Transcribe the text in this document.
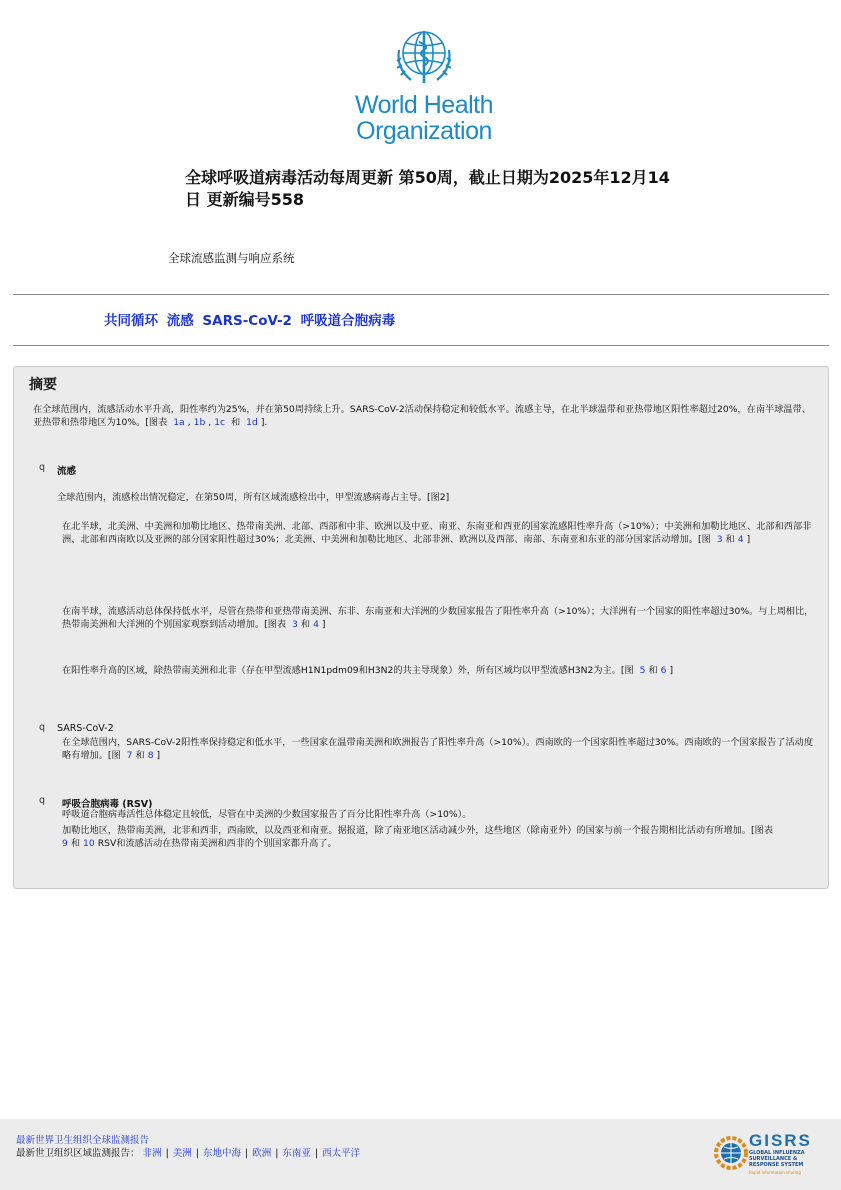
World Health
Organization
全球呼吸道病毒活动每周更新 第50周，截止日期为2025年12月14日 更新编号558
全球流感监测与响应系统
共同循环 流感 SARS-CoV-2 呼吸道合胞病毒
摘要
在全球范围内，流感活动水平升高，阳性率约为25%，并在第50周持续上升。SARS-CoV-2活动保持稳定和较低水平。流感主导，在北半球温带和亚热带地区阳性率超过20%，在南半球温带、亚热带和热带地区为10%。[图表 1a , 1b , 1c 和 1d ].
q 流感
全球范围内，流感检出情况稳定，在第50周，所有区域流感检出中，甲型流感病毒占主导。[图2]
在北半球，北美洲、中美洲和加勒比地区、热带南美洲、北部、西部和中非、欧洲以及中亚、南亚、东南亚和西亚的国家流感阳性率升高（>10%）；中美洲和加勒比地区、北部和西部非洲、北部和西南欧以及亚洲的部分国家阳性超过30%；北美洲、中美洲和加勒比地区、北部非洲、欧洲以及西部、南部、东南亚和东亚的部分国家活动增加。[图 3 和 4 ]
在南半球，流感活动总体保持低水平，尽管在热带和亚热带南美洲、东非、东南亚和大洋洲的少数国家报告了阳性率升高（>10%）；大洋洲有一个国家的阳性率超过30%。与上周相比，热带南美洲和大洋洲的个别国家观察到活动增加。[图表 3 和 4 ]
在阳性率升高的区域，除热带南美洲和北非（存在甲型流感H1N1pdm09和H3N2的共主导现象）外，所有区域均以甲型流感H3N2为主。[图 5 和 6 ]
q SARS-CoV-2
在全球范围内，SARS-CoV-2阳性率保持稳定和低水平，一些国家在温带南美洲和欧洲报告了阳性率升高（>10%）。西南欧的一个国家阳性率超过30%。西南欧的一个国家报告了活动度略有增加。[图 7 和 8 ]
q 呼吸合胞病毒 (RSV)
呼吸道合胞病毒活性总体稳定且较低，尽管在中美洲的少数国家报告了百分比阳性率升高（>10%）。
加勒比地区，热带南美洲，北非和西非，西南欧，以及西亚和南亚。据报道，除了南亚地区活动减少外，这些地区（除南亚外）的国家与前一个报告期相比活动有所增加。[图表
9 和 10 RSV和流感活动在热带南美洲和西非的个别国家都升高了。
最新世界卫生组织全球监测报告
最新世卫组织区域监测报告： 非洲 | 美洲 | 东地中海 | 欧洲 | 东南亚 | 西太平洋
GISRS
GLOBAL INFLUENZA SURVEILLANCE & RESPONSE SYSTEM
Rapid information sharing
